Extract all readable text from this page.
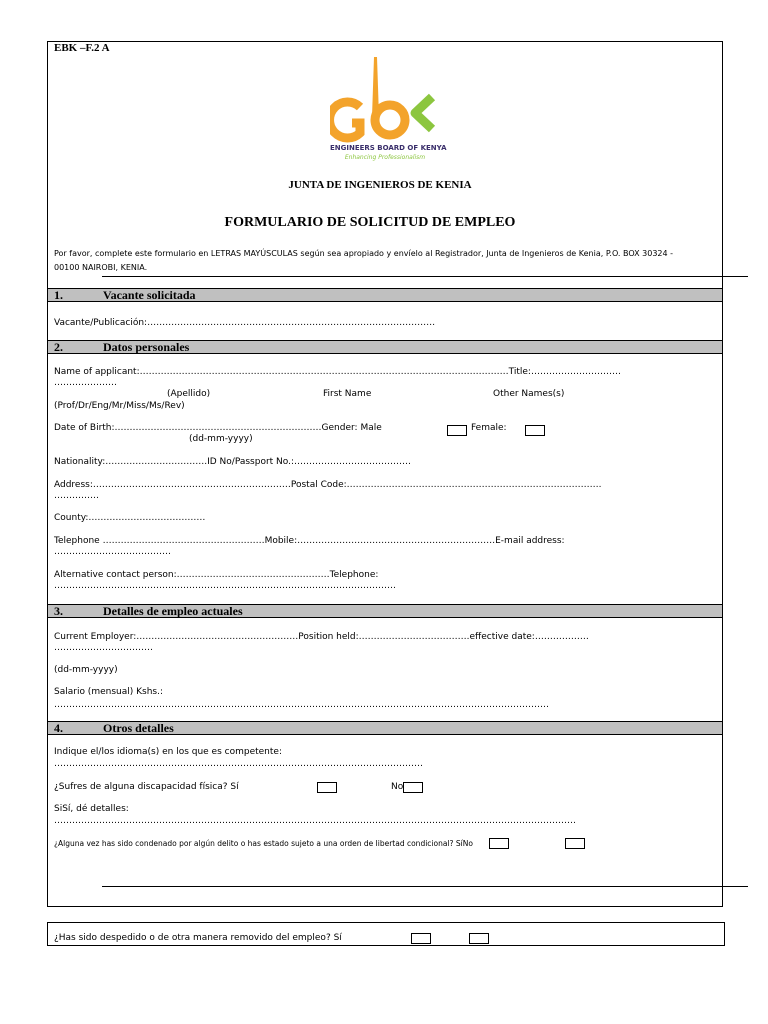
EBK –F.2 A
ENGINEERS BOARD OF KENYA
Enhancing Professionalism
JUNTA DE INGENIEROS DE KENIA
FORMULARIO DE SOLICITUD DE EMPLEO
Por favor, complete este formulario en LETRAS MAYÚSCULAS según sea apropiado y envíelo al Registrador, Junta de Ingenieros de Kenia, P.O. BOX 30324 -
00100 NAIROBI, KENIA.
1.	Vacante solicitada
Vacante/Publicación:……………………………………………………………………………………
2.	Datos personales
Name of applicant:……………………………………………………………………………………………………………Title:…………………………
…………………
(Apellido)	First Name	Other Names(s)
(Prof/Dr/Eng/Mr/Miss/Ms/Rev)
Date of Birth:……………………………………………………………Gender: Male	Female:
(dd-mm-yyyy)
Nationality:…………………………….ID No/Passport No.:…………………………………
Address:…………………………………………………………Postal Code:………………………………………………………………………….
……………
County:…………………………………
Telephone ………………………………………………Mobile:…………………………………………………………E-mail address:
…………………………………
Alternative contact person:……………………………………………Telephone:
……………………………………………………………………………………………………
3.	Detalles de empleo actuales
Current Employer:………………………………………………Position held:……………………………….effective date:………………
……………………………
(dd-mm-yyyy)
Salario (mensual) Kshs.:
…………………………………………………………………………………………………………………………………………………
4.	Otros detalles
Indique el/los idioma(s) en los que es competente:
……………………………………………………………………………………………………………
¿Sufres de alguna discapacidad física? Sí	No
SiSí, dé detalles:
…………………………………………………………………………………………………………………………………………………………
¿Alguna vez has sido condenado por algún delito o has estado sujeto a una orden de libertad condicional? SíNo
¿Has sido despedido o de otra manera removido del empleo? Sí
